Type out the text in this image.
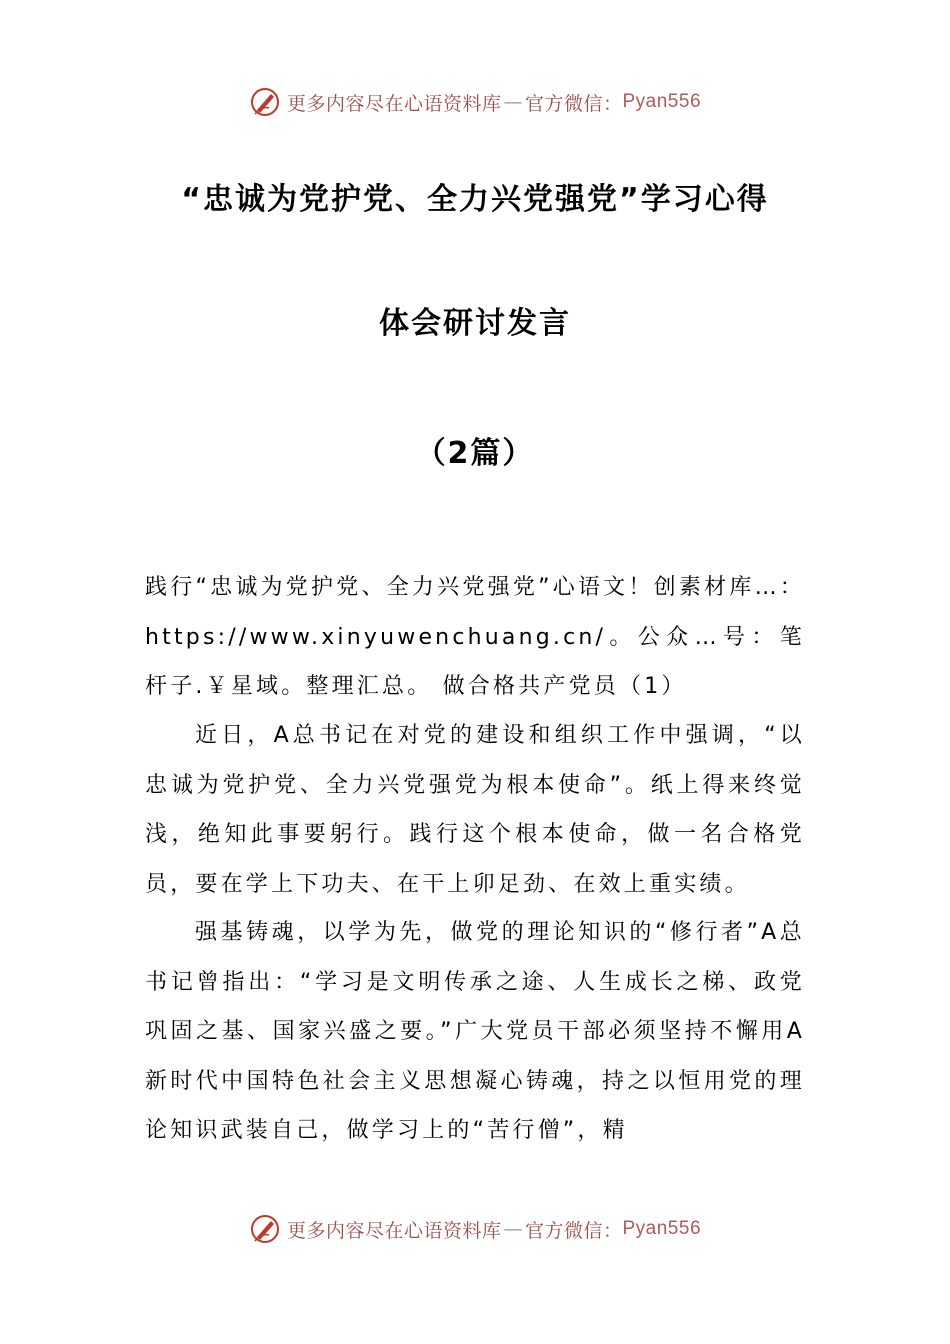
更多内容尽在心语资料库 — 官方微信： Pyan556
“忠诚为党护党、全力兴党强党”学习心得
体会研讨发言
（2篇）
践行“忠诚为党护党、全力兴党强党”心语文！创素材库…：https://www.xinyuwenchuang.cn/。公众…号：笔杆子.￥星域。整理汇总。 做合格共产党员（1）
近日，A总书记在对党的建设和组织工作中强调，“以忠诚为党护党、全力兴党强党为根本使命”。纸上得来终觉浅，绝知此事要躬行。践行这个根本使命，做一名合格党员，要在学上下功夫、在干上卯足劲、在效上重实绩。
强基铸魂，以学为先，做党的理论知识的“修行者”A总书记曾指出：“学习是文明传承之途、人生成长之梯、政党巩固之基、国家兴盛之要。”广大党员干部必须坚持不懈用A新时代中国特色社会主义思想凝心铸魂，持之以恒用党的理论知识武装自己，做学习上的“苦行僧”，精
更多内容尽在心语资料库 — 官方微信： Pyan556
